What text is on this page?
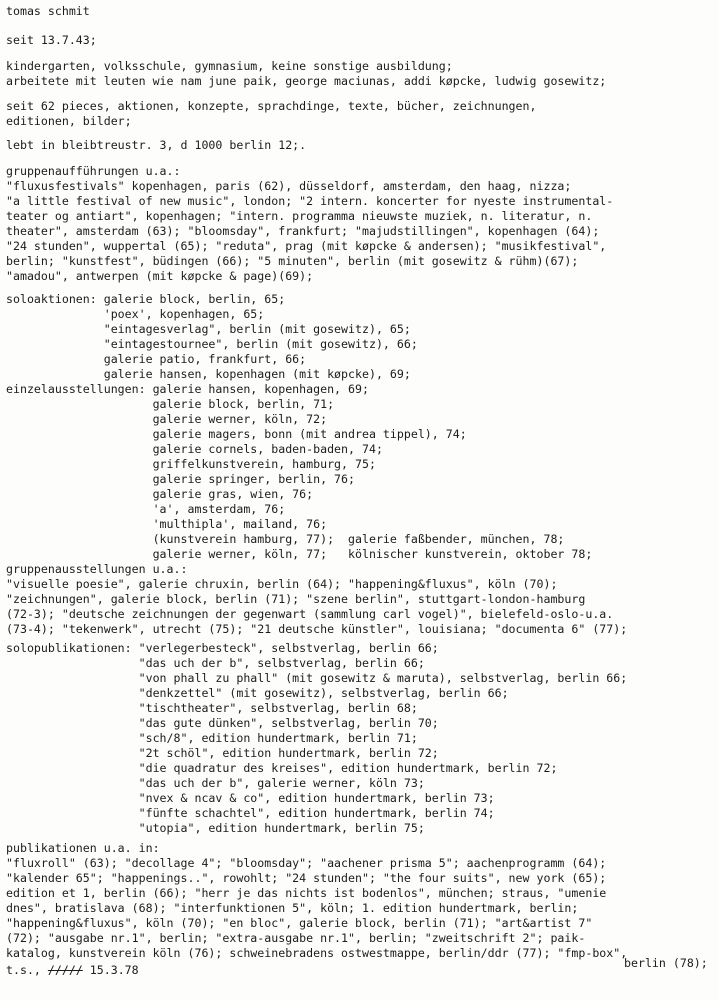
tomas schmit
seit 13.7.43;
kindergarten, volksschule, gymnasium, keine sonstige ausbildung;
arbeitete mit leuten wie nam june paik, george maciunas, addi køpcke, ludwig gosewitz;
seit 62 pieces, aktionen, konzepte, sprachdinge, texte, bücher, zeichnungen,
editionen, bilder;
lebt in bleibtreustr. 3, d 1000 berlin 12;.
gruppenaufführungen u.a.:
"fluxusfestivals" kopenhagen, paris (62), düsseldorf, amsterdam, den haag, nizza;
"a little festival of new music", london; "2 intern. koncerter for nyeste instrumental-
teater og antiart", kopenhagen; "intern. programma nieuwste muziek, n. literatur, n.
theater", amsterdam (63); "bloomsday", frankfurt; "majudstillingen", kopenhagen (64);
"24 stunden", wuppertal (65); "reduta", prag (mit køpcke & andersen); "musikfestival",
berlin; "kunstfest", büdingen (66); "5 minuten", berlin (mit gosewitz & rühm)(67);
"amadou", antwerpen (mit køpcke & page)(69);
soloaktionen: galerie block, berlin, 65;
'poex', kopenhagen, 65;
"eintagesverlag", berlin (mit gosewitz), 65;
"eintagestournee", berlin (mit gosewitz), 66;
galerie patio, frankfurt, 66;
galerie hansen, kopenhagen (mit køpcke), 69;
einzelausstellungen: galerie hansen, kopenhagen, 69;
galerie block, berlin, 71;
galerie werner, köln, 72;
galerie magers, bonn (mit andrea tippel), 74;
galerie cornels, baden-baden, 74;
griffelkunstverein, hamburg, 75;
galerie springer, berlin, 76;
galerie gras, wien, 76;
'a', amsterdam, 76;
'multhipla', mailand, 76;
(kunstverein hamburg, 77);  galerie faßbender, münchen, 78;
galerie werner, köln, 77;   kölnischer kunstverein, oktober 78;
gruppenausstellungen u.a.:
"visuelle poesie", galerie chruxin, berlin (64); "happening&fluxus", köln (70);
"zeichnungen", galerie block, berlin (71); "szene berlin", stuttgart-london-hamburg
(72-3); "deutsche zeichnungen der gegenwart (sammlung carl vogel)", bielefeld-oslo-u.a.
(73-4); "tekenwerk", utrecht (75); "21 deutsche künstler", louisiana; "documenta 6" (77);
solopublikationen: "verlegerbesteck", selbstverlag, berlin 66;
"das uch der b", selbstverlag, berlin 66;
"von phall zu phall" (mit gosewitz & maruta), selbstverlag, berlin 66;
"denkzettel" (mit gosewitz), selbstverlag, berlin 66;
"tischtheater", selbstverlag, berlin 68;
"das gute dünken", selbstverlag, berlin 70;
"sch/8", edition hundertmark, berlin 71;
"2t schöl", edition hundertmark, berlin 72;
"die quadratur des kreises", edition hundertmark, berlin 72;
"das uch der b", galerie werner, köln 73;
"nvex & ncav & co", edition hundertmark, berlin 73;
"fünfte schachtel", edition hundertmark, berlin 74;
"utopia", edition hundertmark, berlin 75;
publikationen u.a. in:
"fluxroll" (63); "decollage 4"; "bloomsday"; "aachener prisma 5"; aachenprogramm (64);
"kalender 65"; "happenings..", rowohlt; "24 stunden"; "the four suits", new york (65);
edition et 1, berlin (66); "herr je das nichts ist bodenlos", münchen; straus, "umenie
dnes", bratislava (68); "interfunktionen 5", köln; 1. edition hundertmark, berlin;
"happening&fluxus", köln (70); "en bloc", galerie block, berlin (71); "art&artist 7"
(72); "ausgabe nr.1", berlin; "extra-ausgabe nr.1", berlin; "zweitschrift 2"; paik-
katalog, kunstverein köln (76); schweinebradens ostwestmappe, berlin/ddr (77); "fmp-box",
berlin (78);
t.s., ///// 15.3.78
